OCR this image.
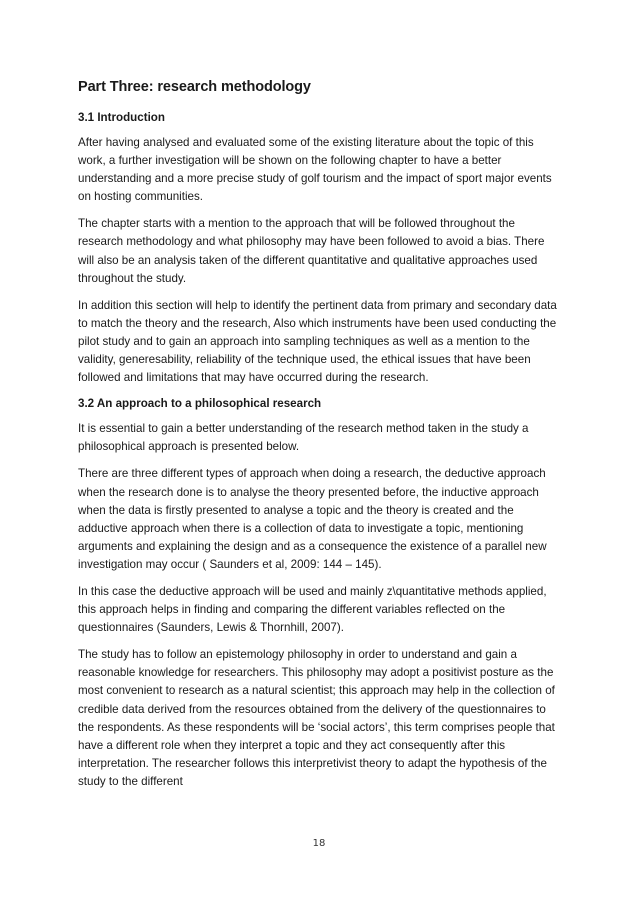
Part Three: research methodology
3.1 Introduction

After having analysed and evaluated some of the existing literature about the topic of this work, a further investigation will be shown on the following chapter to have a better understanding and a more precise study of golf tourism and the impact of sport major events on hosting communities.

The chapter starts with a mention to the approach that will be followed throughout the research methodology and what philosophy may have been followed to avoid a bias. There will also be an analysis taken of the different quantitative and qualitative approaches used throughout the study.

In addition this section will help to identify the pertinent data from primary and secondary data to match the theory and the research, Also which instruments have been used conducting the pilot study and to gain an approach into sampling techniques as well as a mention to the validity, generesability, reliability of the technique used, the ethical issues that have been followed and limitations that may have occurred during the research.

3.2 An approach to a philosophical research

It is essential to gain a better understanding of the research method taken in the study a philosophical approach is presented below.

There are three different types of approach when doing a research, the deductive approach when the research done is to analyse the theory presented before, the inductive approach when the data is firstly presented to analyse a topic and the theory is created and the adductive approach when there is a collection of data to investigate a topic, mentioning arguments and explaining the design and as a consequence the existence of a parallel new investigation may occur ( Saunders et al, 2009: 144 – 145).

In this case the deductive approach will be used and mainly z\quantitative methods applied, this approach helps in finding and comparing the different variables reflected on the questionnaires (Saunders, Lewis & Thornhill, 2007).

The study has to follow an epistemology philosophy in order to understand and gain a reasonable knowledge for researchers. This philosophy may adopt a positivist posture as the most convenient to research as a natural scientist; this approach may help in the collection of credible data derived from the resources obtained from the delivery of the questionnaires to the respondents. As these respondents will be ‘social actors’, this term comprises people that have a different role when they interpret a topic and they act consequently after this interpretation. The researcher follows this interpretivist theory to adapt the hypothesis of the study to the different

18
